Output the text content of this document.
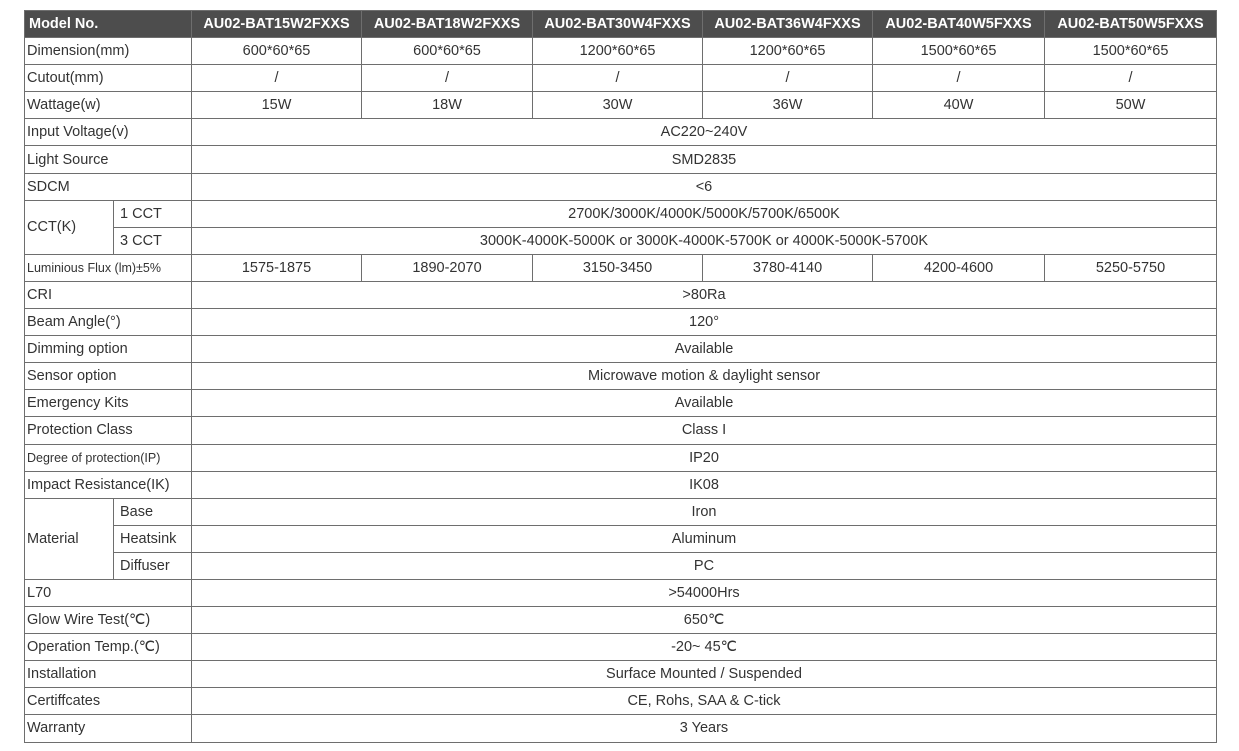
Model No.		AU02-BAT15W2FXXS	AU02-BAT18W2FXXS	AU02-BAT30W4FXXS	AU02-BAT36W4FXXS	AU02-BAT40W5FXXS	AU02-BAT50W5FXXS
Dimension(mm)		600*60*65	600*60*65	1200*60*65	1200*60*65	1500*60*65	1500*60*65
Cutout(mm)		/	/	/	/	/	/
Wattage(w)		15W	18W	30W	36W	40W	50W
Input Voltage(v)		AC220~240V					
Light Source		SMD2835					
SDCM		<6					
CCT(K)	1 CCT	2700K/3000K/4000K/5000K/5700K/6500K					
	3 CCT	3000K-4000K-5000K or 3000K-4000K-5700K or 4000K-5000K-5700K					
Luminious Flux (lm)±5%		1575-1875	1890-2070	3150-3450	3780-4140	4200-4600	5250-5750
CRI		>80Ra					
Beam Angle(°)		120°					
Dimming option		Available					
Sensor option		Microwave motion & daylight sensor					
Emergency Kits		Available					
Protection Class		Class I					
Degree of protection(IP)		IP20					
Impact Resistance(IK)		IK08					
Material	Base	Iron					
	Heatsink	Aluminum					
	Diffuser	PC					
L70		>54000Hrs					
Glow Wire Test(℃)		650℃					
Operation Temp.(℃)		-20~ 45℃					
Installation		Surface Mounted / Suspended					
Certiffcates		CE, Rohs, SAA & C-tick					
Warranty		3 Years					
